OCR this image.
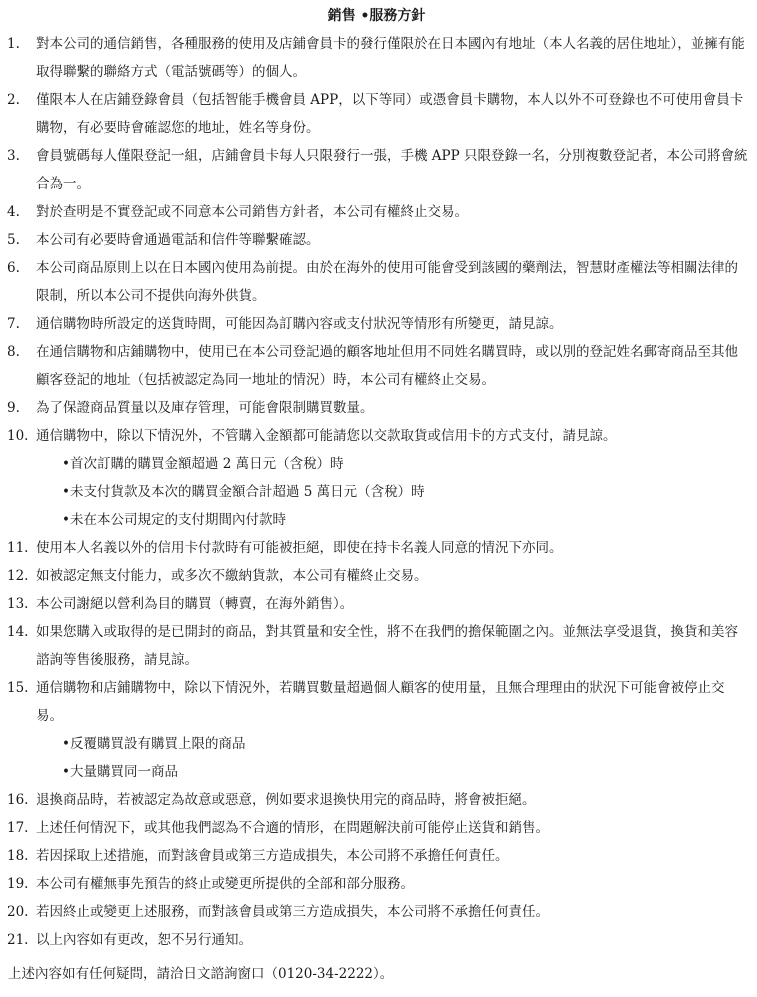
銷售 •服務方針
1.	對本公司的通信銷售，各種服務的使用及店鋪會員卡的發行僅限於在日本國內有地址（本人名義的居住地址），並擁有能取得聯繫的聯絡方式（電話號碼等）的個人。
2.	僅限本人在店鋪登錄會員（包括智能手機會員 APP，以下等同）或憑會員卡購物，本人以外不可登錄也不可使用會員卡購物，有必要時會確認您的地址，姓名等身份。
3.	會員號碼每人僅限登記一組，店鋪會員卡每人只限發行一張，手機 APP 只限登錄一名，分別複數登記者，本公司將會統合為一。
4.	對於查明是不實登記或不同意本公司銷售方針者，本公司有權終止交易。
5.	本公司有必要時會通過電話和信件等聯繫確認。
6.	本公司商品原則上以在日本國內使用為前提。由於在海外的使用可能會受到該國的藥劑法，智慧財產權法等相關法律的限制，所以本公司不提供向海外供貨。
7.	通信購物時所設定的送貨時間，可能因為訂購內容或支付狀況等情形有所變更，請見諒。
8.	在通信購物和店鋪購物中，使用已在本公司登記過的顧客地址但用不同姓名購買時，或以別的登記姓名郵寄商品至其他顧客登記的地址（包括被認定為同一地址的情況）時，本公司有權終止交易。
9.	為了保證商品質量以及庫存管理，可能會限制購買數量。
10. 通信購物中，除以下情況外，不管購入金額都可能請您以交款取貨或信用卡的方式支付，請見諒。
•首次訂購的購買金額超過 2 萬日元（含稅）時
•未支付貨款及本次的購買金額合計超過 5 萬日元（含稅）時
•未在本公司規定的支付期間內付款時
11. 使用本人名義以外的信用卡付款時有可能被拒絕，即使在持卡名義人同意的情況下亦同。
12. 如被認定無支付能力，或多次不繳納貨款，本公司有權終止交易。
13. 本公司謝絕以營利為目的購買（轉賣，在海外銷售）。
14. 如果您購入或取得的是已開封的商品，對其質量和安全性，將不在我們的擔保範圍之內。並無法享受退貨，換貨和美容諮詢等售後服務，請見諒。
15. 通信購物和店鋪購物中，除以下情況外，若購買數量超過個人顧客的使用量，且無合理理由的狀況下可能會被停止交易。
•反覆購買設有購買上限的商品
•大量購買同一商品
16. 退換商品時，若被認定為故意或惡意，例如要求退換快用完的商品時，將會被拒絕。
17. 上述任何情況下，或其他我們認為不合適的情形，在問題解決前可能停止送貨和銷售。
18. 若因採取上述措施，而對該會員或第三方造成損失，本公司將不承擔任何責任。
19. 本公司有權無事先預告的終止或變更所提供的全部和部分服務。
20. 若因終止或變更上述服務，而對該會員或第三方造成損失，本公司將不承擔任何責任。
21. 以上內容如有更改，恕不另行通知。

上述內容如有任何疑問，請洽日文諮詢窗口（0120-34-2222）。
